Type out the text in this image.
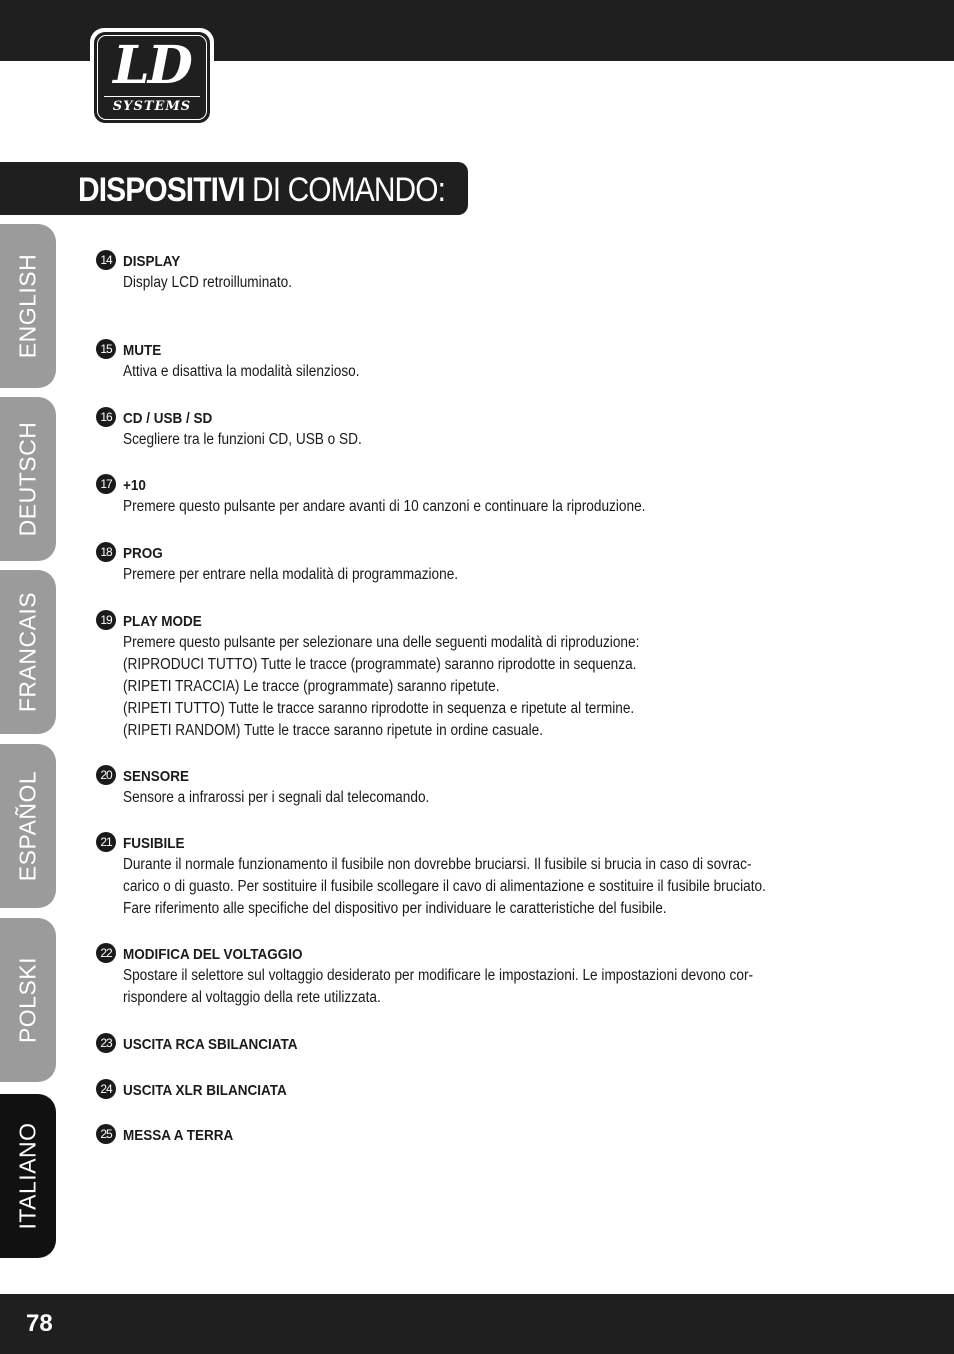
LD
SYSTEMS
DISPOSITIVI DI COMANDO:
ENGLISH
DEUTSCH
FRANCAIS
ESPAÑOL
POLSKI
ITALIANO
14 DISPLAY
Display LCD retroilluminato.
15 MUTE
Attiva e disattiva la modalità silenzioso.
16 CD / USB / SD
Scegliere tra le funzioni CD, USB o SD.
17 +10
Premere questo pulsante per andare avanti di 10 canzoni e continuare la riproduzione.
18 PROG
Premere per entrare nella modalità di programmazione.
19 PLAY MODE
Premere questo pulsante per selezionare una delle seguenti modalità di riproduzione:
(RIPRODUCI TUTTO) Tutte le tracce (programmate) saranno riprodotte in sequenza.
(RIPETI TRACCIA) Le tracce (programmate) saranno ripetute.
(RIPETI TUTTO) Tutte le tracce saranno riprodotte in sequenza e ripetute al termine.
(RIPETI RANDOM) Tutte le tracce saranno ripetute in ordine casuale.
20 SENSORE
Sensore a infrarossi per i segnali dal telecomando.
21 FUSIBILE
Durante il normale funzionamento il fusibile non dovrebbe bruciarsi. Il fusibile si brucia in caso di sovrac-
carico o di guasto. Per sostituire il fusibile scollegare il cavo di alimentazione e sostituire il fusibile bruciato.
Fare riferimento alle specifiche del dispositivo per individuare le caratteristiche del fusibile.
22 MODIFICA DEL VOLTAGGIO
Spostare il selettore sul voltaggio desiderato per modificare le impostazioni. Le impostazioni devono cor-
rispondere al voltaggio della rete utilizzata.
23 USCITA RCA SBILANCIATA
24 USCITA XLR BILANCIATA
25 MESSA A TERRA
78
